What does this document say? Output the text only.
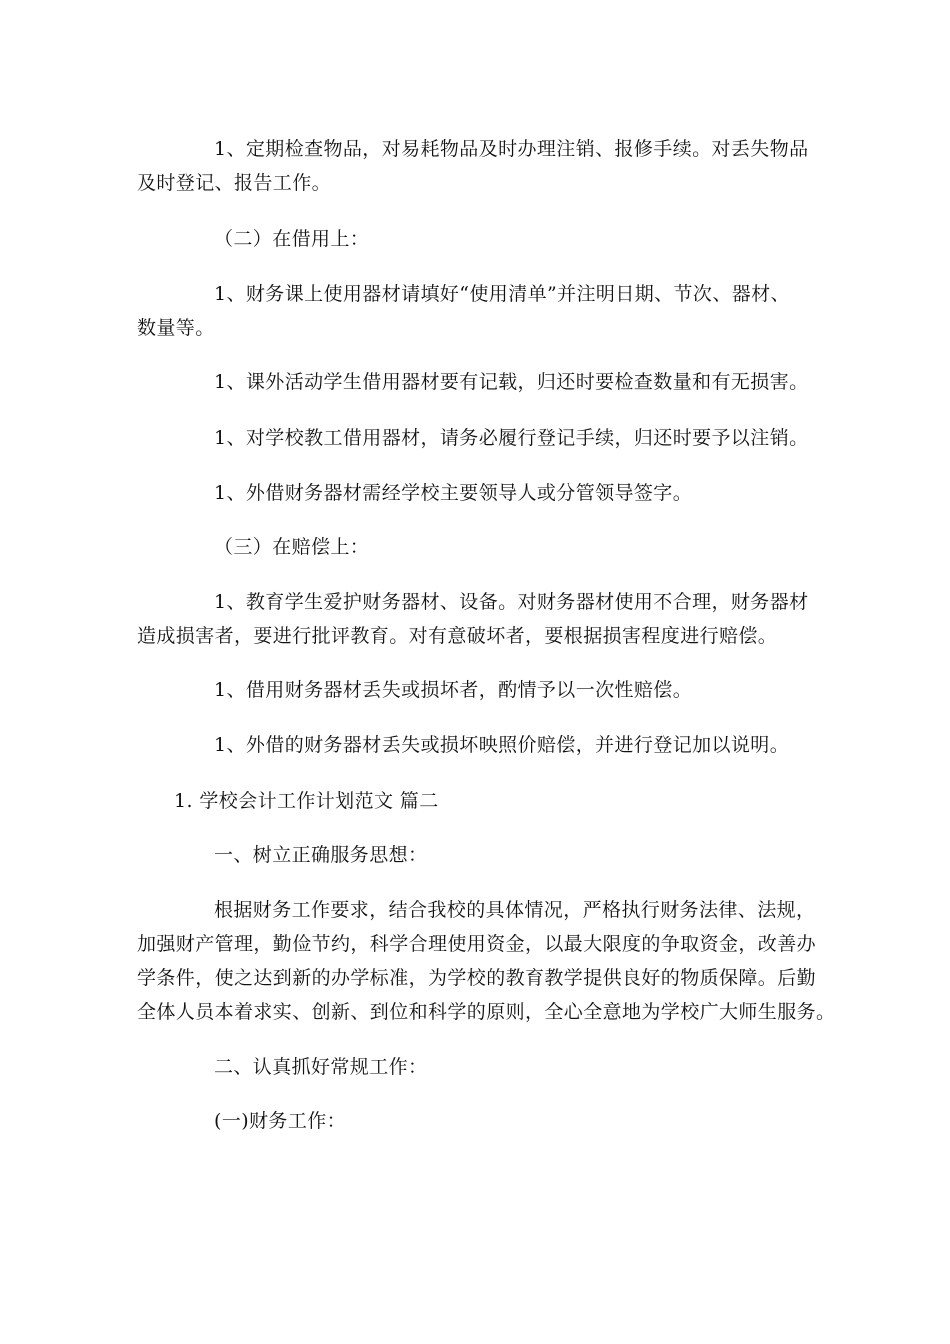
1、定期检查物品，对易耗物品及时办理注销、报修手续。对丢失物品
及时登记、报告工作。
（二）在借用上：
1、财务课上使用器材请填好“使用清单”并注明日期、节次、器材、
数量等。
1、课外活动学生借用器材要有记载，归还时要检查数量和有无损害。
1、对学校教工借用器材，请务必履行登记手续，归还时要予以注销。
1、外借财务器材需经学校主要领导人或分管领导签字。
（三）在赔偿上：
1、教育学生爱护财务器材、设备。对财务器材使用不合理，财务器材
造成损害者，要进行批评教育。对有意破坏者，要根据损害程度进行赔偿。
1、借用财务器材丢失或损坏者，酌情予以一次性赔偿。
1、外借的财务器材丢失或损坏映照价赔偿，并进行登记加以说明。
1. 学校会计工作计划范文 篇二
一、树立正确服务思想：
根据财务工作要求，结合我校的具体情况，严格执行财务法律、法规，
加强财产管理，勤俭节约，科学合理使用资金，以最大限度的争取资金，改善办
学条件，使之达到新的办学标准，为学校的教育教学提供良好的物质保障。后勤
全体人员本着求实、创新、到位和科学的原则，全心全意地为学校广大师生服务。
二、认真抓好常规工作：
(一)财务工作：
